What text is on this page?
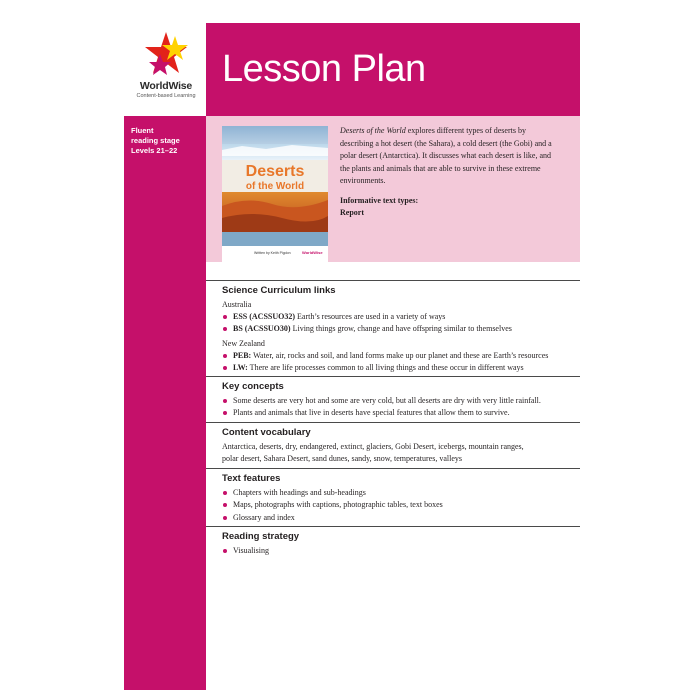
WorldWise
Content-based Learning
Lesson Plan
Fluent
reading stage
Levels 21–22
Deserts
of the World
Written by Keith Pigdon	WorldWise

Deserts of the World explores different types of deserts by describing a hot desert (the Sahara), a cold desert (the Gobi) and a polar desert (Antarctica). It discusses what each desert is like, and the plants and animals that are able to survive in these extreme environments.

Informative text types:
Report

Science Curriculum links
Australia
ESS (ACSSUO32) Earth’s resources are used in a variety of ways
BS (ACSSUO30) Living things grow, change and have offspring similar to themselves
New Zealand
PEB: Water, air, rocks and soil, and land forms make up our planet and these are Earth’s resources
LW: There are life processes common to all living things and these occur in different ways
Key concepts
Some deserts are very hot and some are very cold, but all deserts are dry with very little rainfall.
Plants and animals that live in deserts have special features that allow them to survive.
Content vocabulary
Antarctica, deserts, dry, endangered, extinct, glaciers, Gobi Desert, icebergs, mountain ranges,
polar desert, Sahara Desert, sand dunes, sandy, snow, temperatures, valleys
Text features
Chapters with headings and sub-headings
Maps, photographs with captions, photographic tables, text boxes
Glossary and index
Reading strategy
Visualising
